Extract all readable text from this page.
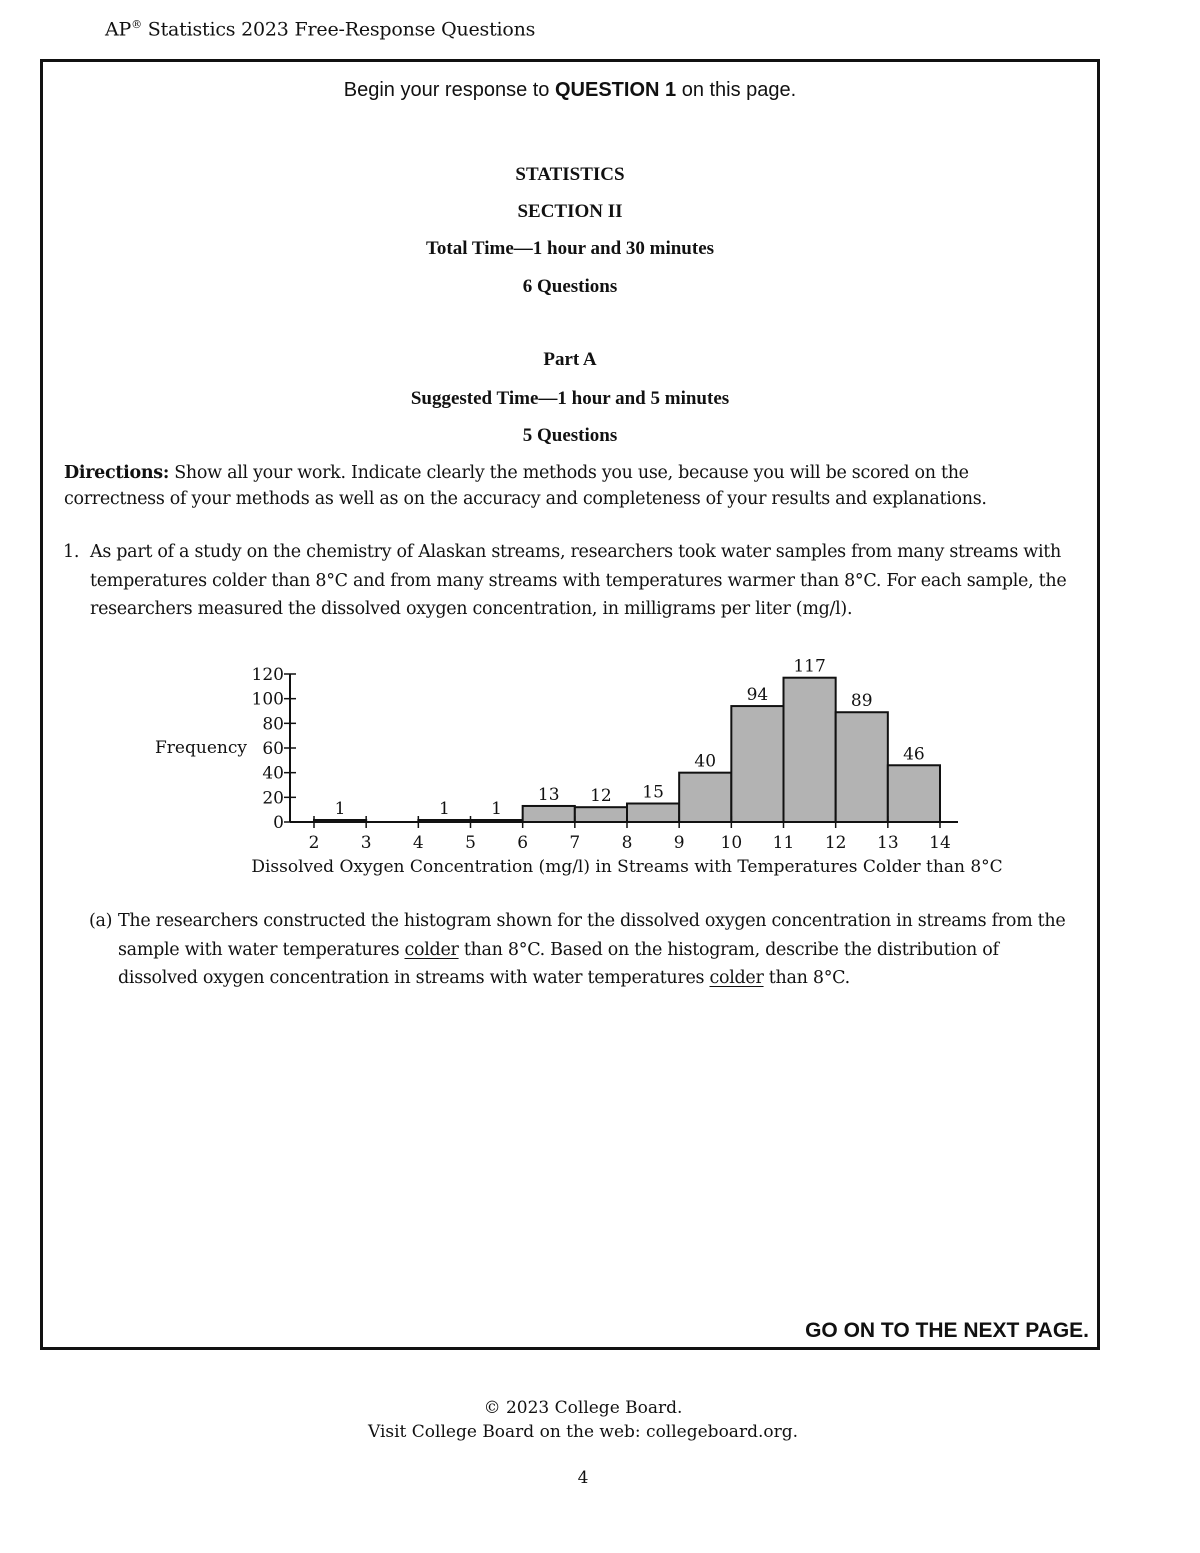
AP® Statistics 2023 Free-Response Questions
Begin your response to QUESTION 1 on this page.
STATISTICS
SECTION II
Total Time—1 hour and 30 minutes
6 Questions
Part A
Suggested Time—1 hour and 5 minutes
5 Questions
Directions: Show all your work. Indicate clearly the methods you use, because you will be scored on the correctness of your methods as well as on the accuracy and completeness of your results and explanations.
1. As part of a study on the chemistry of Alaskan streams, researchers took water samples from many streams with temperatures colder than 8°C and from many streams with temperatures warmer than 8°C. For each sample, the researchers measured the dissolved oxygen concentration, in milligrams per liter (mg/l).
(a) The researchers constructed the histogram shown for the dissolved oxygen concentration in streams from the sample with water temperatures colder than 8°C. Based on the histogram, describe the distribution of dissolved oxygen concentration in streams with water temperatures colder than 8°C.
GO ON TO THE NEXT PAGE.
1	1 1
13 12 15
40
94
117
89
46
0
20
40
60
80
100
120
2 3 4 5 6 7 8 9 10 11 12 13 14
Frequency
Dissolved Oxygen Concentration (mg/l) in Streams with Temperatures Colder than 8°C
© 2023 College Board.
Visit College Board on the web: collegeboard.org.
4
